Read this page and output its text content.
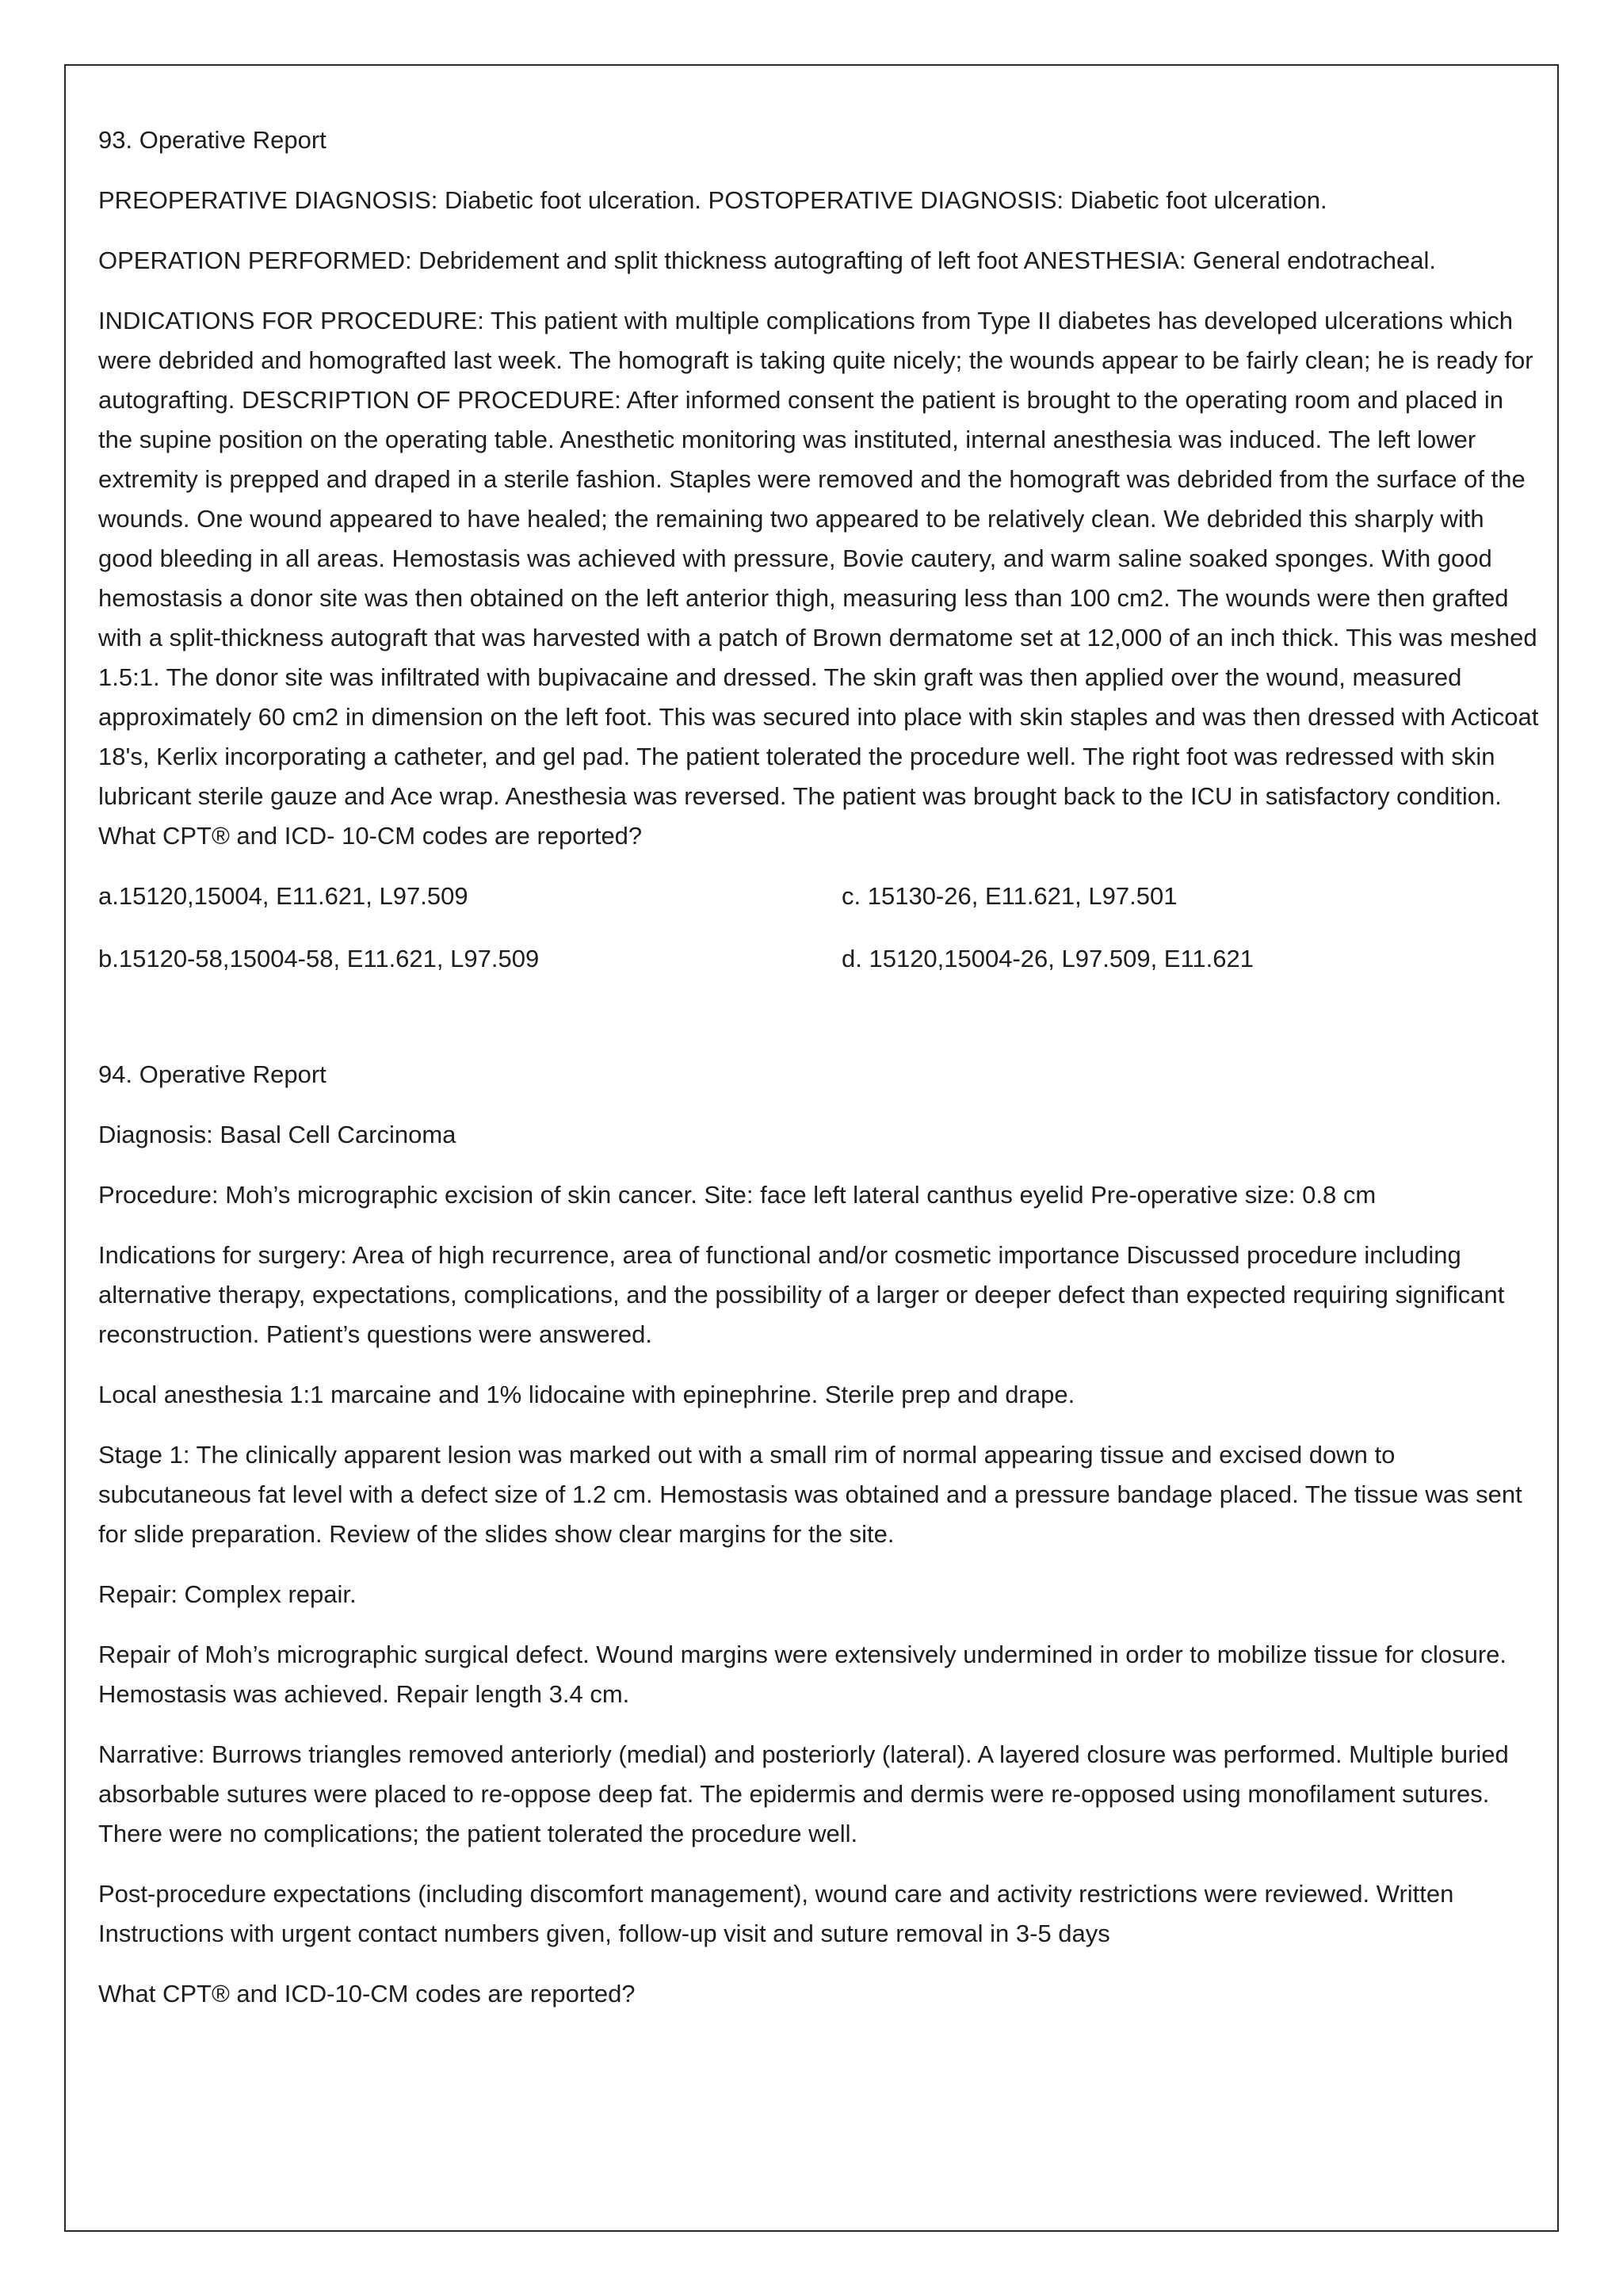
93. Operative Report

PREOPERATIVE DIAGNOSIS: Diabetic foot ulceration. POSTOPERATIVE DIAGNOSIS: Diabetic foot ulceration.

OPERATION PERFORMED: Debridement and split thickness autografting of left foot ANESTHESIA: General endotracheal.

INDICATIONS FOR PROCEDURE: This patient with multiple complications from Type II diabetes has developed ulcerations which were debrided and homografted last week. The homograft is taking quite nicely; the wounds appear to be fairly clean; he is ready for autografting. DESCRIPTION OF PROCEDURE: After informed consent the patient is brought to the operating room and placed in the supine position on the operating table. Anesthetic monitoring was instituted, internal anesthesia was induced. The left lower extremity is prepped and draped in a sterile fashion. Staples were removed and the homograft was debrided from the surface of the wounds. One wound appeared to have healed; the remaining two appeared to be relatively clean. We debrided this sharply with good bleeding in all areas. Hemostasis was achieved with pressure, Bovie cautery, and warm saline soaked sponges. With good hemostasis a donor site was then obtained on the left anterior thigh, measuring less than 100 cm2. The wounds were then grafted with a split-thickness autograft that was harvested with a patch of Brown dermatome set at 12,000 of an inch thick. This was meshed 1.5:1. The donor site was infiltrated with bupivacaine and dressed. The skin graft was then applied over the wound, measured approximately 60 cm2 in dimension on the left foot. This was secured into place with skin staples and was then dressed with Acticoat 18's, Kerlix incorporating a catheter, and gel pad. The patient tolerated the procedure well. The right foot was redressed with skin lubricant sterile gauze and Ace wrap. Anesthesia was reversed. The patient was brought back to the ICU in satisfactory condition. What CPT® and ICD- 10-CM codes are reported?

a.15120,15004, E11.621, L97.509	c. 15130-26, E11.621, L97.501

b.15120-58,15004-58, E11.621, L97.509	d. 15120,15004-26, L97.509, E11.621

94. Operative Report

Diagnosis: Basal Cell Carcinoma

Procedure: Moh’s micrographic excision of skin cancer. Site: face left lateral canthus eyelid Pre-operative size: 0.8 cm

Indications for surgery: Area of high recurrence, area of functional and/or cosmetic importance Discussed procedure including alternative therapy, expectations, complications, and the possibility of a larger or deeper defect than expected requiring significant reconstruction. Patient’s questions were answered.

Local anesthesia 1:1 marcaine and 1% lidocaine with epinephrine. Sterile prep and drape.

Stage 1: The clinically apparent lesion was marked out with a small rim of normal appearing tissue and excised down to subcutaneous fat level with a defect size of 1.2 cm. Hemostasis was obtained and a pressure bandage placed. The tissue was sent for slide preparation. Review of the slides show clear margins for the site.

Repair: Complex repair.

Repair of Moh’s micrographic surgical defect. Wound margins were extensively undermined in order to mobilize tissue for closure. Hemostasis was achieved. Repair length 3.4 cm.

Narrative: Burrows triangles removed anteriorly (medial) and posteriorly (lateral). A layered closure was performed. Multiple buried absorbable sutures were placed to re-oppose deep fat. The epidermis and dermis were re-opposed using monofilament sutures. There were no complications; the patient tolerated the procedure well.

Post-procedure expectations (including discomfort management), wound care and activity restrictions were reviewed. Written Instructions with urgent contact numbers given, follow-up visit and suture removal in 3-5 days

What CPT® and ICD-10-CM codes are reported?
